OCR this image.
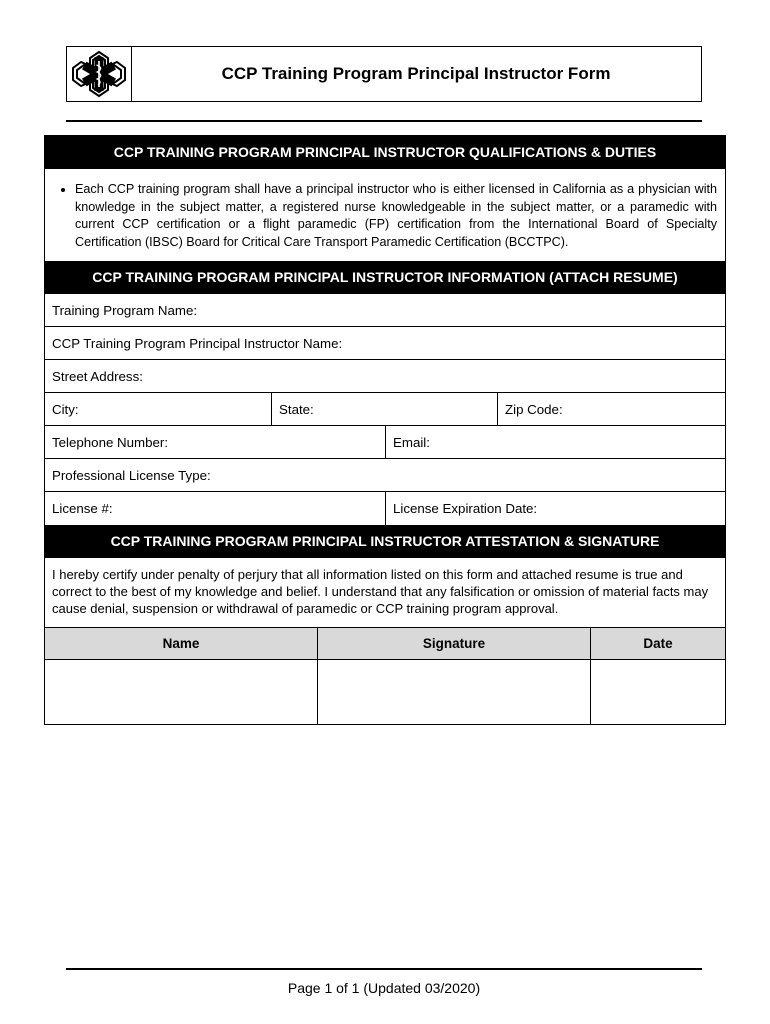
CCP Training Program Principal Instructor Form
CCP TRAINING PROGRAM PRINCIPAL INSTRUCTOR QUALIFICATIONS & DUTIES
• Each CCP training program shall have a principal instructor who is either licensed in California as a physician with knowledge in the subject matter, a registered nurse knowledgeable in the subject matter, or a paramedic with current CCP certification or a flight paramedic (FP) certification from the International Board of Specialty Certification (IBSC) Board for Critical Care Transport Paramedic Certification (BCCTPC).
CCP TRAINING PROGRAM PRINCIPAL INSTRUCTOR INFORMATION (ATTACH RESUME)
Training Program Name:
CCP Training Program Principal Instructor Name:
Street Address:
City:	State:	Zip Code:
Telephone Number:	Email:
Professional License Type:
License #:	License Expiration Date:
CCP TRAINING PROGRAM PRINCIPAL INSTRUCTOR ATTESTATION & SIGNATURE
I hereby certify under penalty of perjury that all information listed on this form and attached resume is true and correct to the best of my knowledge and belief. I understand that any falsification or omission of material facts may cause denial, suspension or withdrawal of paramedic or CCP training program approval.
Name	Signature	Date

Page 1 of 1 (Updated 03/2020)
